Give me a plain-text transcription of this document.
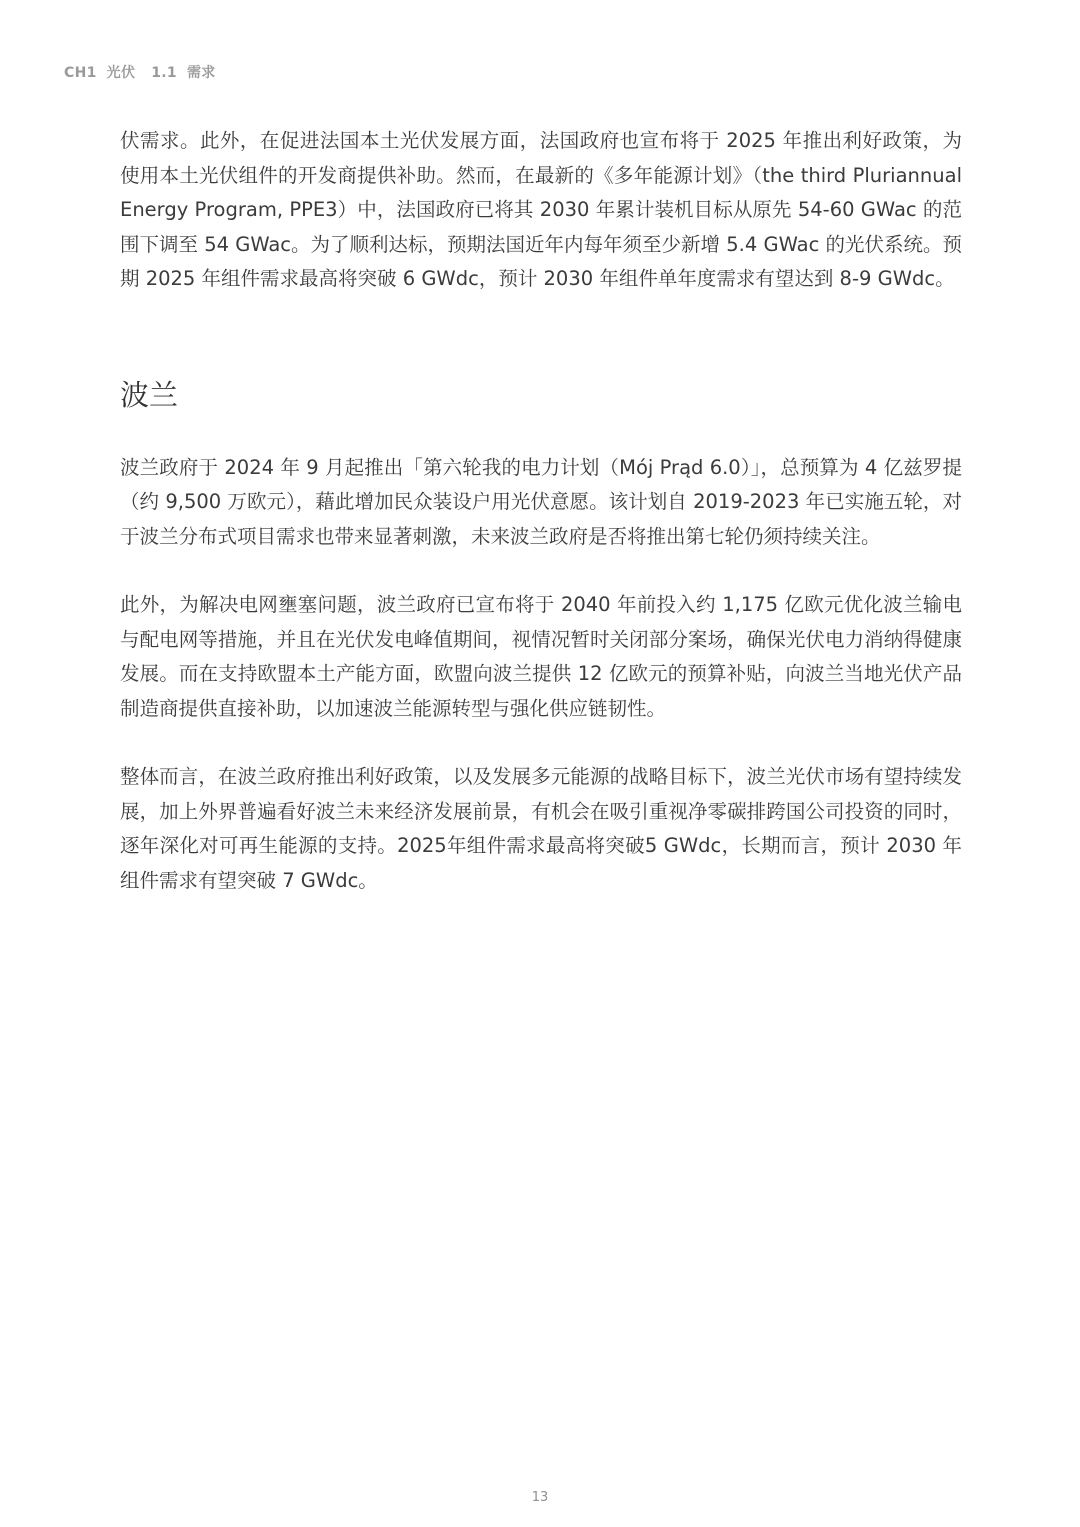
CH1 光伏 1.1 需求

伏需求。此外，在促进法国本土光伏发展方面，法国政府也宣布将于 2025 年推出利好政策，为使用本土光伏组件的开发商提供补助。然而，在最新的《多年能源计划》（the third Pluriannual Energy Program, PPE3）中，法国政府已将其 2030 年累计装机目标从原先 54-60 GWac 的范围下调至 54 GWac。为了顺利达标，预期法国近年内每年须至少新增 5.4 GWac 的光伏系统。预期 2025 年组件需求最高将突破 6 GWdc，预计 2030 年组件单年度需求有望达到 8-9 GWdc。

波兰

波兰政府于 2024 年 9 月起推出「第六轮我的电力计划（Mój Prąd 6.0）」，总预算为 4 亿兹罗提（约 9,500 万欧元），藉此增加民众装设户用光伏意愿。该计划自 2019-2023 年已实施五轮，对于波兰分布式项目需求也带来显著刺激，未来波兰政府是否将推出第七轮仍须持续关注。

此外，为解决电网壅塞问题，波兰政府已宣布将于 2040 年前投入约 1,175 亿欧元优化波兰输电与配电网等措施，并且在光伏发电峰值期间，视情况暂时关闭部分案场，确保光伏电力消纳得健康发展。而在支持欧盟本土产能方面，欧盟向波兰提供 12 亿欧元的预算补贴，向波兰当地光伏产品制造商提供直接补助，以加速波兰能源转型与强化供应链韧性。

整体而言，在波兰政府推出利好政策，以及发展多元能源的战略目标下，波兰光伏市场有望持续发展，加上外界普遍看好波兰未来经济发展前景，有机会在吸引重视净零碳排跨国公司投资的同时，逐年深化对可再生能源的支持。2025年组件需求最高将突破5 GWdc，长期而言，预计 2030 年组件需求有望突破 7 GWdc。

13
